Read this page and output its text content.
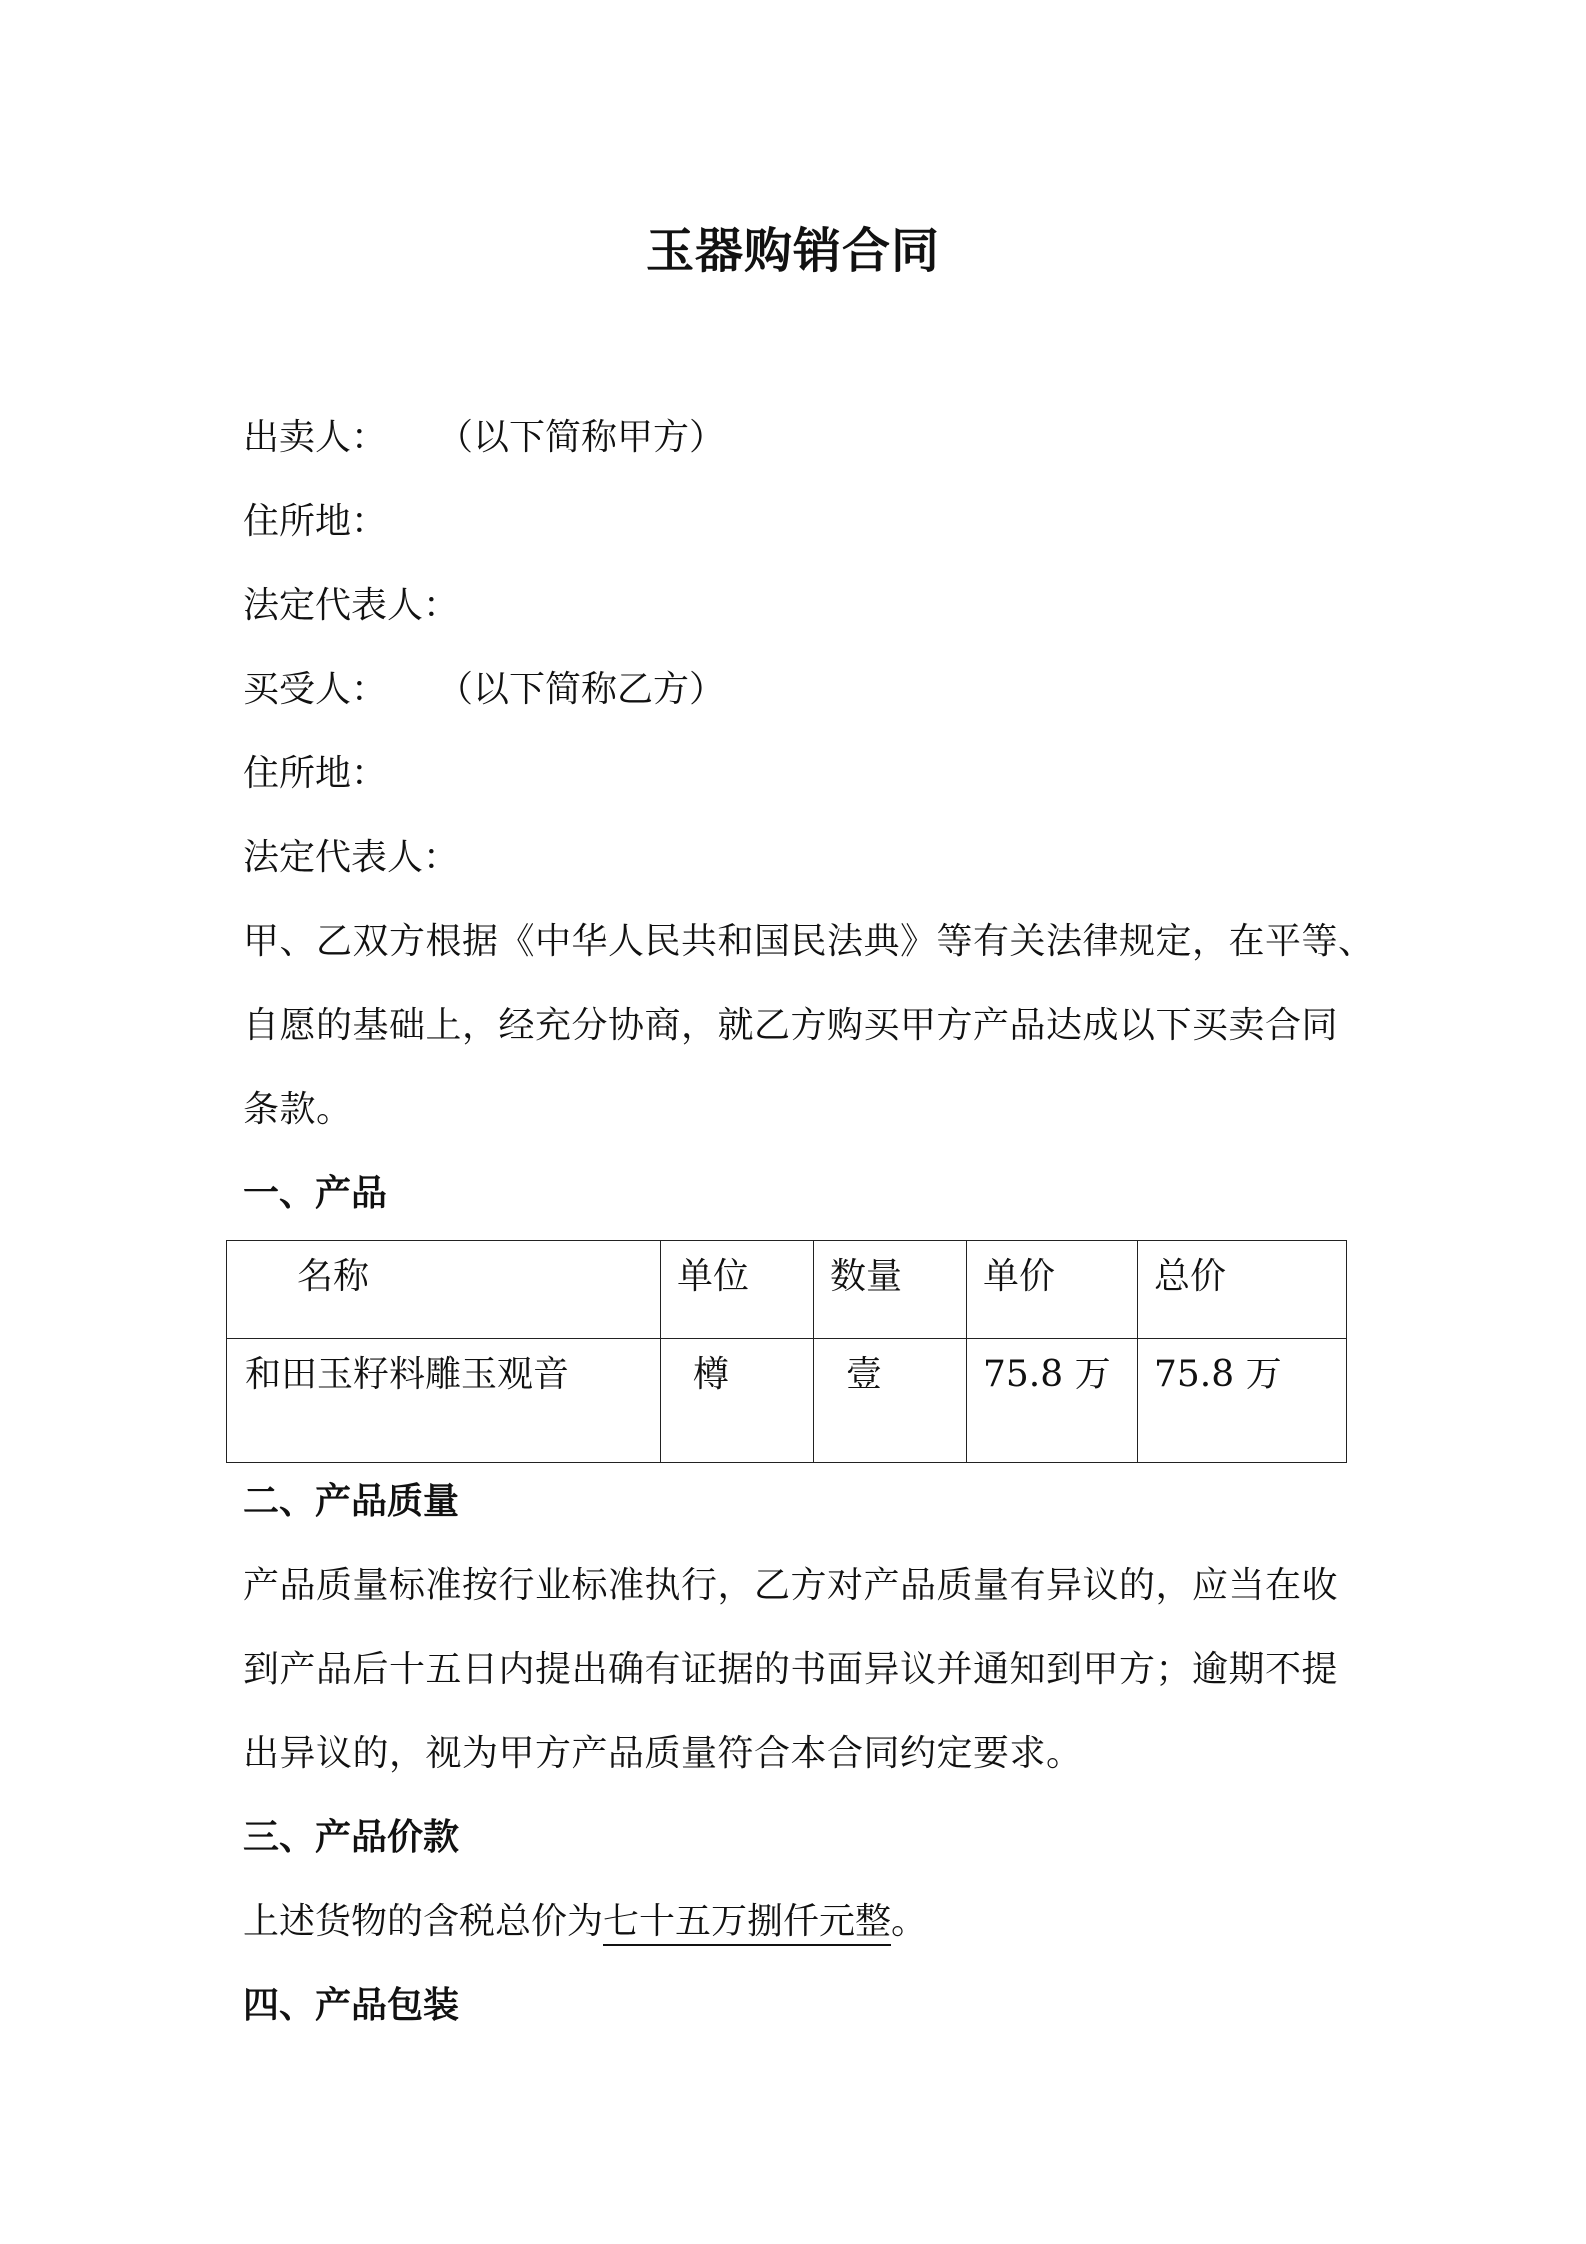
玉器购销合同
出卖人： （以下简称甲方）
住所地：
法定代表人：
买受人： （以下简称乙方）
住所地：
法定代表人：
甲、乙双方根据《中华人民共和国民法典》等有关法律规定，在平等、
自愿的基础上，经充分协商，就乙方购买甲方产品达成以下买卖合同
条款。
一、产品
名称	单位	数量	单价	总价

和田玉籽料雕玉观音	樽	壹	75.8 万	75.8 万
二、产品质量
产品质量标准按行业标准执行，乙方对产品质量有异议的，应当在收
到产品后十五日内提出确有证据的书面异议并通知到甲方；逾期不提
出异议的，视为甲方产品质量符合本合同约定要求。
三、产品价款
上述货物的含税总价为七十五万捌仟元整。
四、产品包装
